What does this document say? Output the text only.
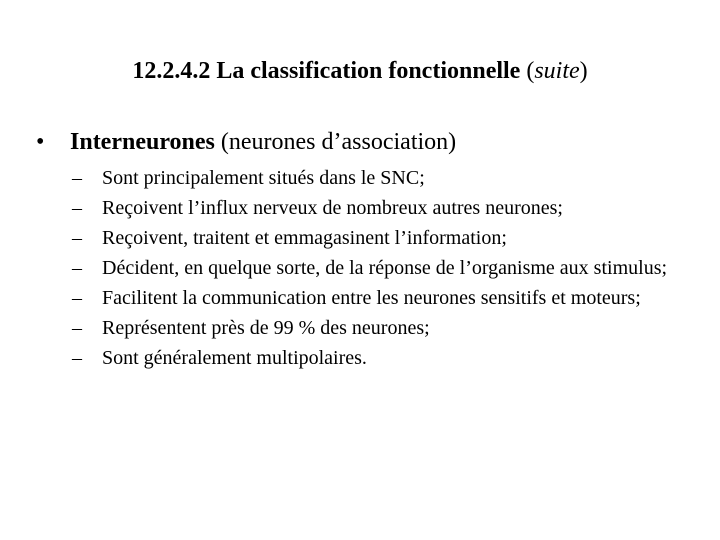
12.2.4.2 La classification fonctionnelle (suite)
• Interneurones (neurones d’association)
– Sont principalement situés dans le SNC;
– Reçoivent l’influx nerveux de nombreux autres neurones;
– Reçoivent, traitent et emmagasinent l’information;
– Décident, en quelque sorte, de la réponse de l’organisme aux stimulus;
– Facilitent la communication entre les neurones sensitifs et moteurs;
– Représentent près de 99 % des neurones;
– Sont généralement multipolaires.
